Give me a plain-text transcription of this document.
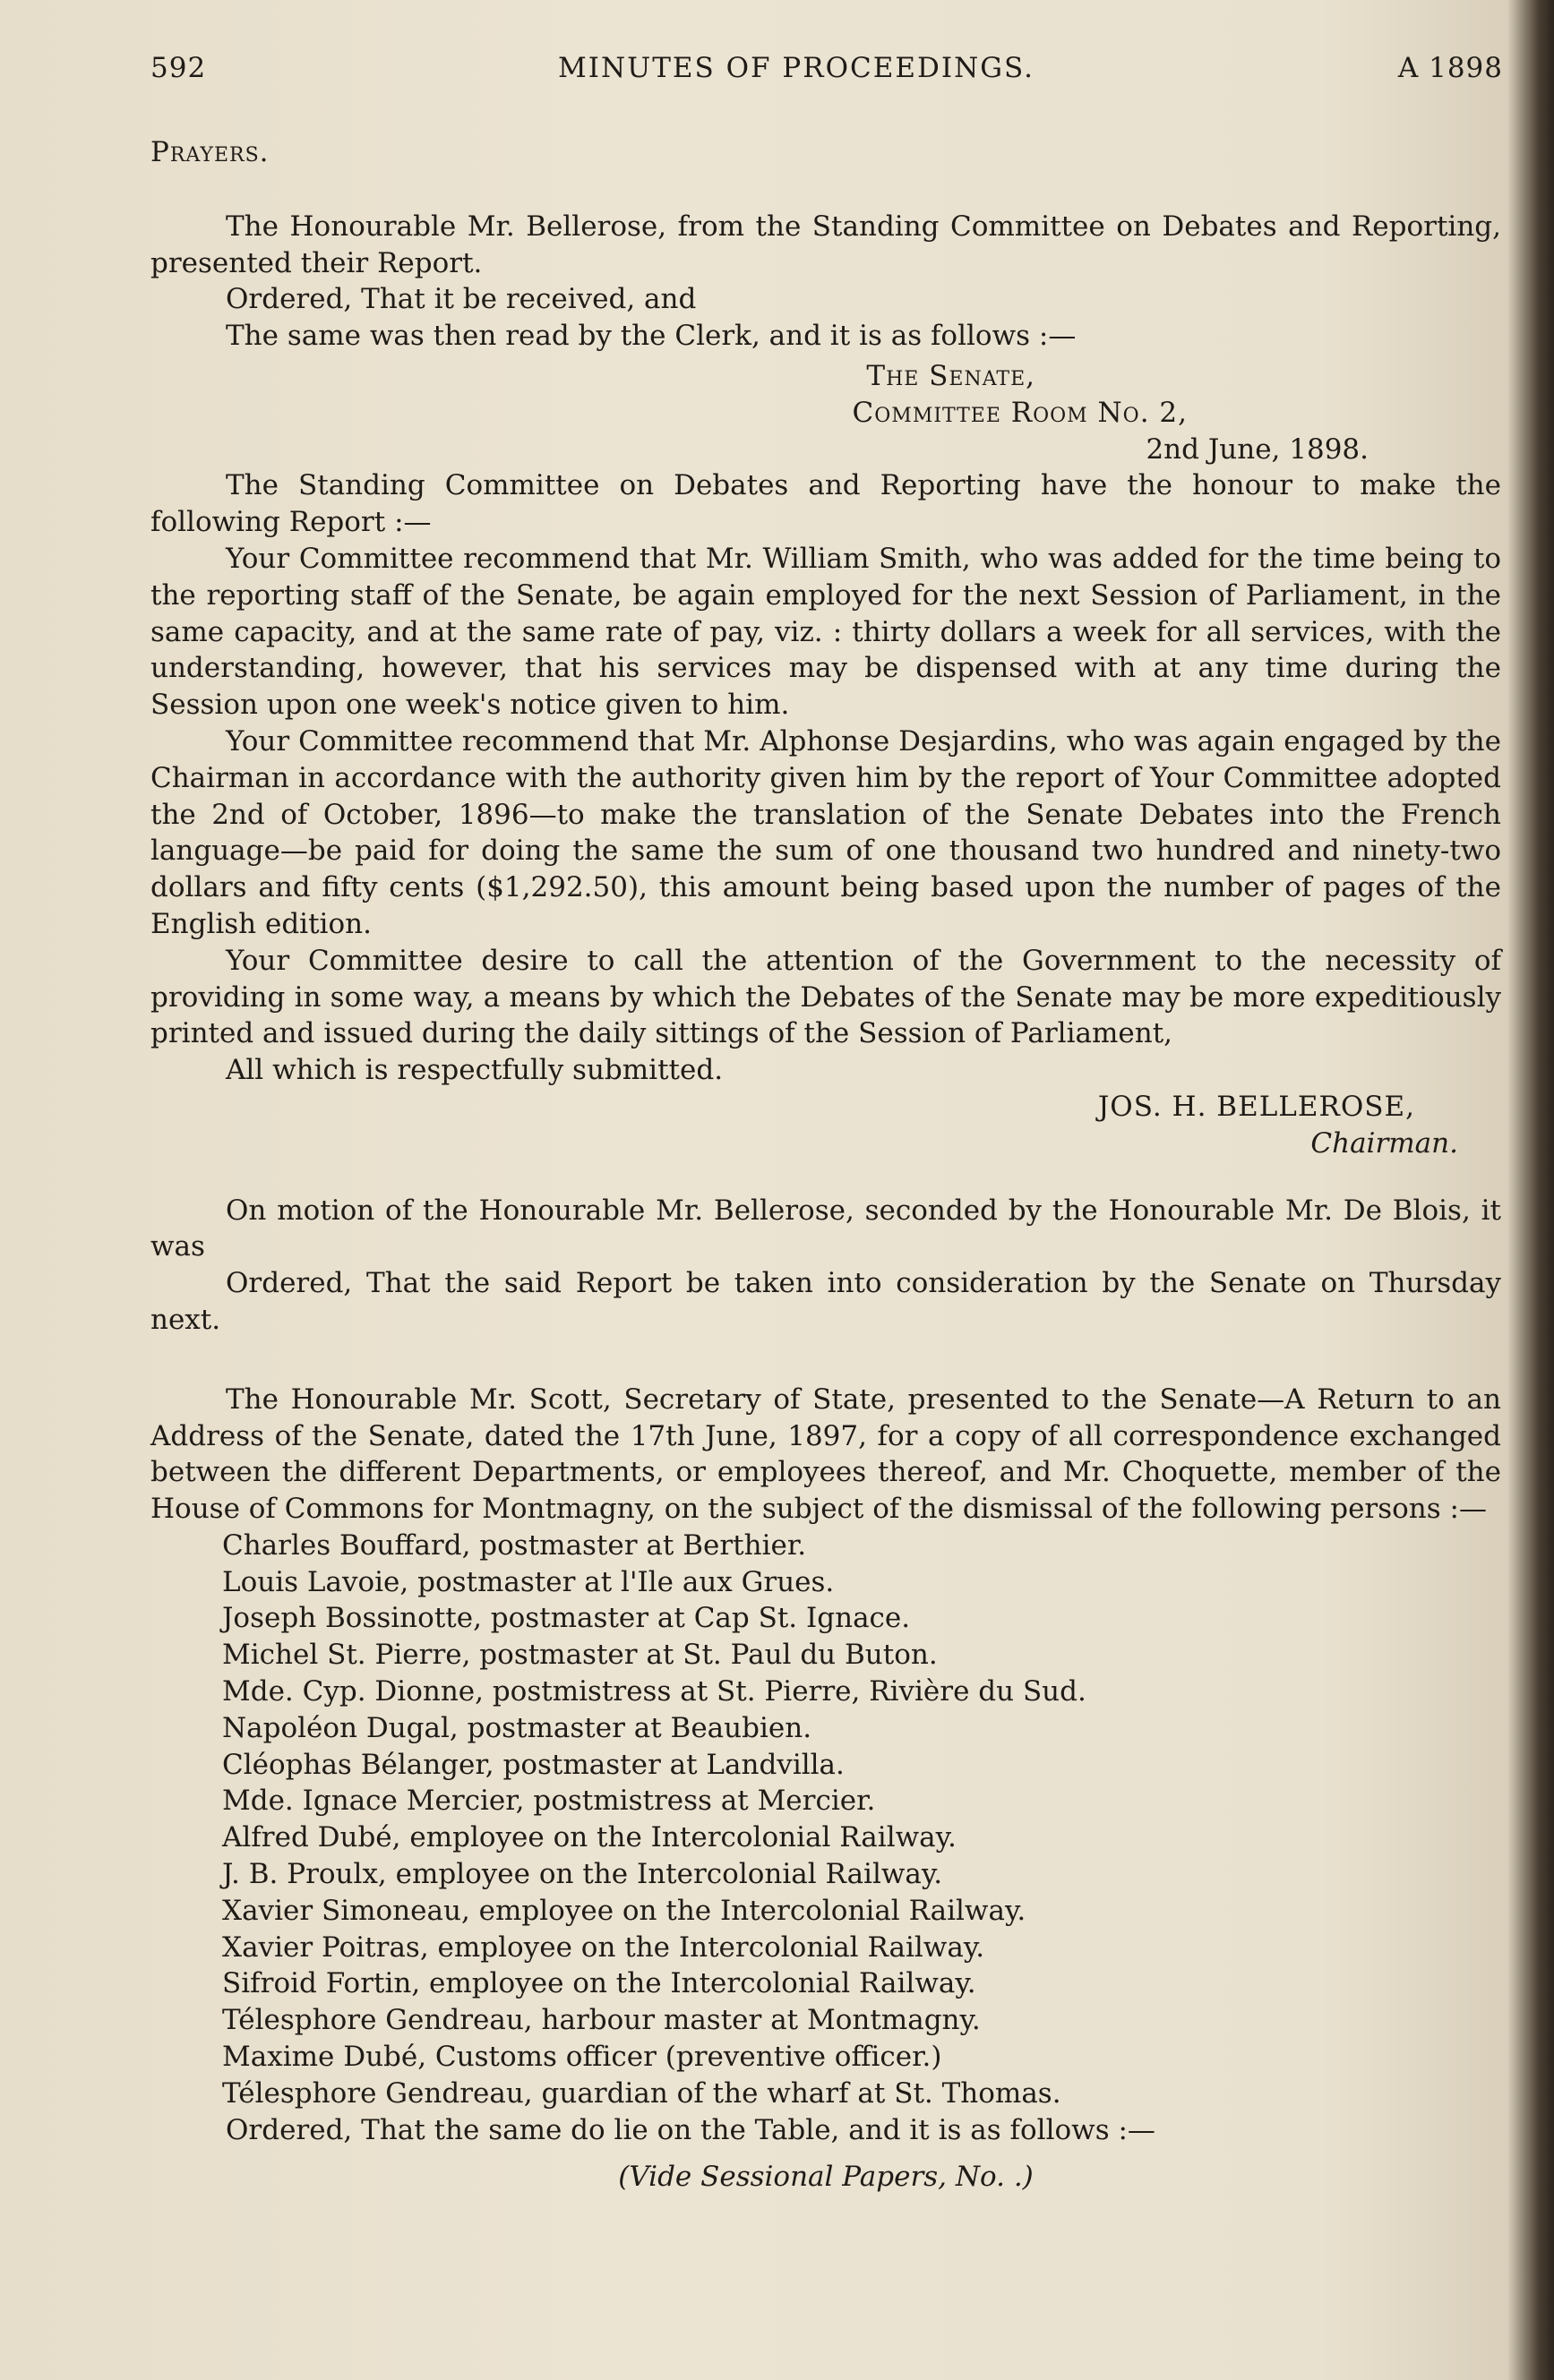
592	MINUTES OF PROCEEDINGS.	A 1898

Prayers.

The Honourable Mr. Bellerose, from the Standing Committee on Debates and Reporting, presented their Report.

Ordered, That it be received, and

The same was then read by the Clerk, and it is as follows :—

The Senate,

Committee Room No. 2,

2nd June, 1898.

The Standing Committee on Debates and Reporting have the honour to make the following Report :—

Your Committee recommend that Mr. William Smith, who was added for the time being to the reporting staff of the Senate, be again employed for the next Session of Parliament, in the same capacity, and at the same rate of pay, viz. : thirty dollars a week for all services, with the understanding, however, that his services may be dispensed with at any time during the Session upon one week's notice given to him.

Your Committee recommend that Mr. Alphonse Desjardins, who was again engaged by the Chairman in accordance with the authority given him by the report of Your Committee adopted the 2nd of October, 1896—to make the translation of the Senate Debates into the French language—be paid for doing the same the sum of one thousand two hundred and ninety-two dollars and fifty cents ($1,292.50), this amount being based upon the number of pages of the English edition.

Your Committee desire to call the attention of the Government to the necessity of providing in some way, a means by which the Debates of the Senate may be more expeditiously printed and issued during the daily sittings of the Session of Parliament,

All which is respectfully submitted.

JOS. H. BELLEROSE,

Chairman.

On motion of the Honourable Mr. Bellerose, seconded by the Honourable Mr. De Blois, it was

Ordered, That the said Report be taken into consideration by the Senate on Thursday next.

The Honourable Mr. Scott, Secretary of State, presented to the Senate—A Return to an Address of the Senate, dated the 17th June, 1897, for a copy of all correspondence exchanged between the different Departments, or employees thereof, and Mr. Choquette, member of the House of Commons for Montmagny, on the subject of the dismissal of the following persons :—

Charles Bouffard, postmaster at Berthier.
Louis Lavoie, postmaster at l'Ile aux Grues.
Joseph Bossinotte, postmaster at Cap St. Ignace.
Michel St. Pierre, postmaster at St. Paul du Buton.
Mde. Cyp. Dionne, postmistress at St. Pierre, Rivière du Sud.
Napoléon Dugal, postmaster at Beaubien.
Cléophas Bélanger, postmaster at Landvilla.
Mde. Ignace Mercier, postmistress at Mercier.
Alfred Dubé, employee on the Intercolonial Railway.
J. B. Proulx, employee on the Intercolonial Railway.
Xavier Simoneau, employee on the Intercolonial Railway.
Xavier Poitras, employee on the Intercolonial Railway.
Sifroid Fortin, employee on the Intercolonial Railway.
Télesphore Gendreau, harbour master at Montmagny.
Maxime Dubé, Customs officer (preventive officer.)
Télesphore Gendreau, guardian of the wharf at St. Thomas.

Ordered, That the same do lie on the Table, and it is as follows :—

(Vide Sessional Papers, No. .)
